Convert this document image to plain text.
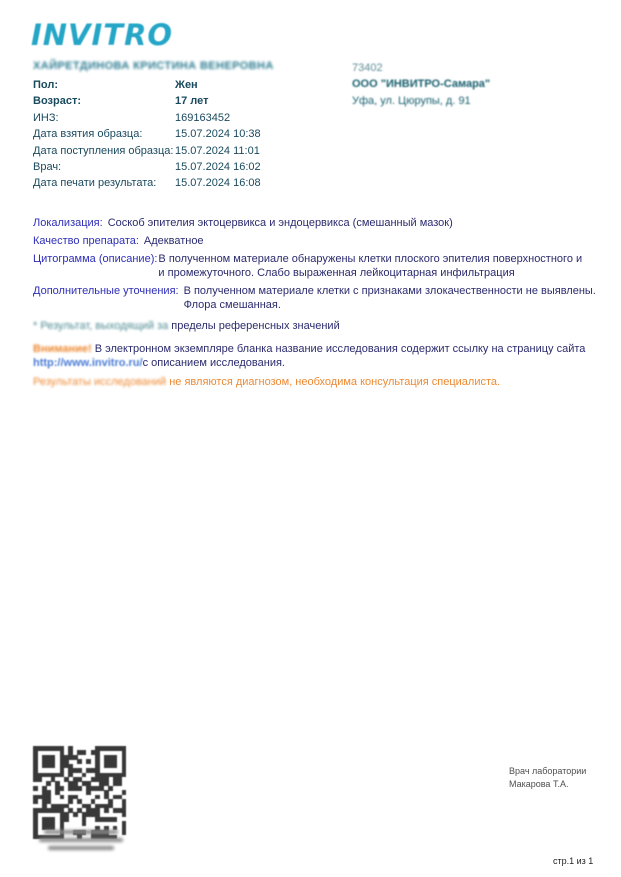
INVITRO
ХАЙРЕТДИНОВА КРИСТИНА ВЕНЕРОВНА
Пол:	Жен
Возраст:	17 лет
ИНЗ:	169163452
Дата взятия образца:	15.07.2024 10:38
Дата поступления образца: 15.07.2024 11:01
Врач:	15.07.2024 16:02
Дата печати результата:	15.07.2024 16:08
73402
ООО "ИНВИТРО-Самара"
Уфа, ул. Цюрупы, д. 91
Локализация: Соскоб эпителия эктоцервикса и эндоцервикса (смешанный мазок)
Качество препарата: Адекватное
Цитограмма (описание): В полученном материале обнаружены клетки плоского эпителия поверхностного и
и промежуточного. Слабо выраженная лейкоцитарная инфильтрация
Дополнительные уточнения: В полученном материале клетки с признаками злокачественности не выявлены.
Флора смешанная.
* Результат, выходящий за пределы референсных значений
Внимание! В электронном экземпляре бланка название исследования содержит ссылку на страницу сайта
http://www.invitro.ru/с описанием исследования.
Результаты исследований не являются диагнозом, необходима консультация специалиста.
Врач лаборатории
Макарова Т.А.
стр.1 из 1
